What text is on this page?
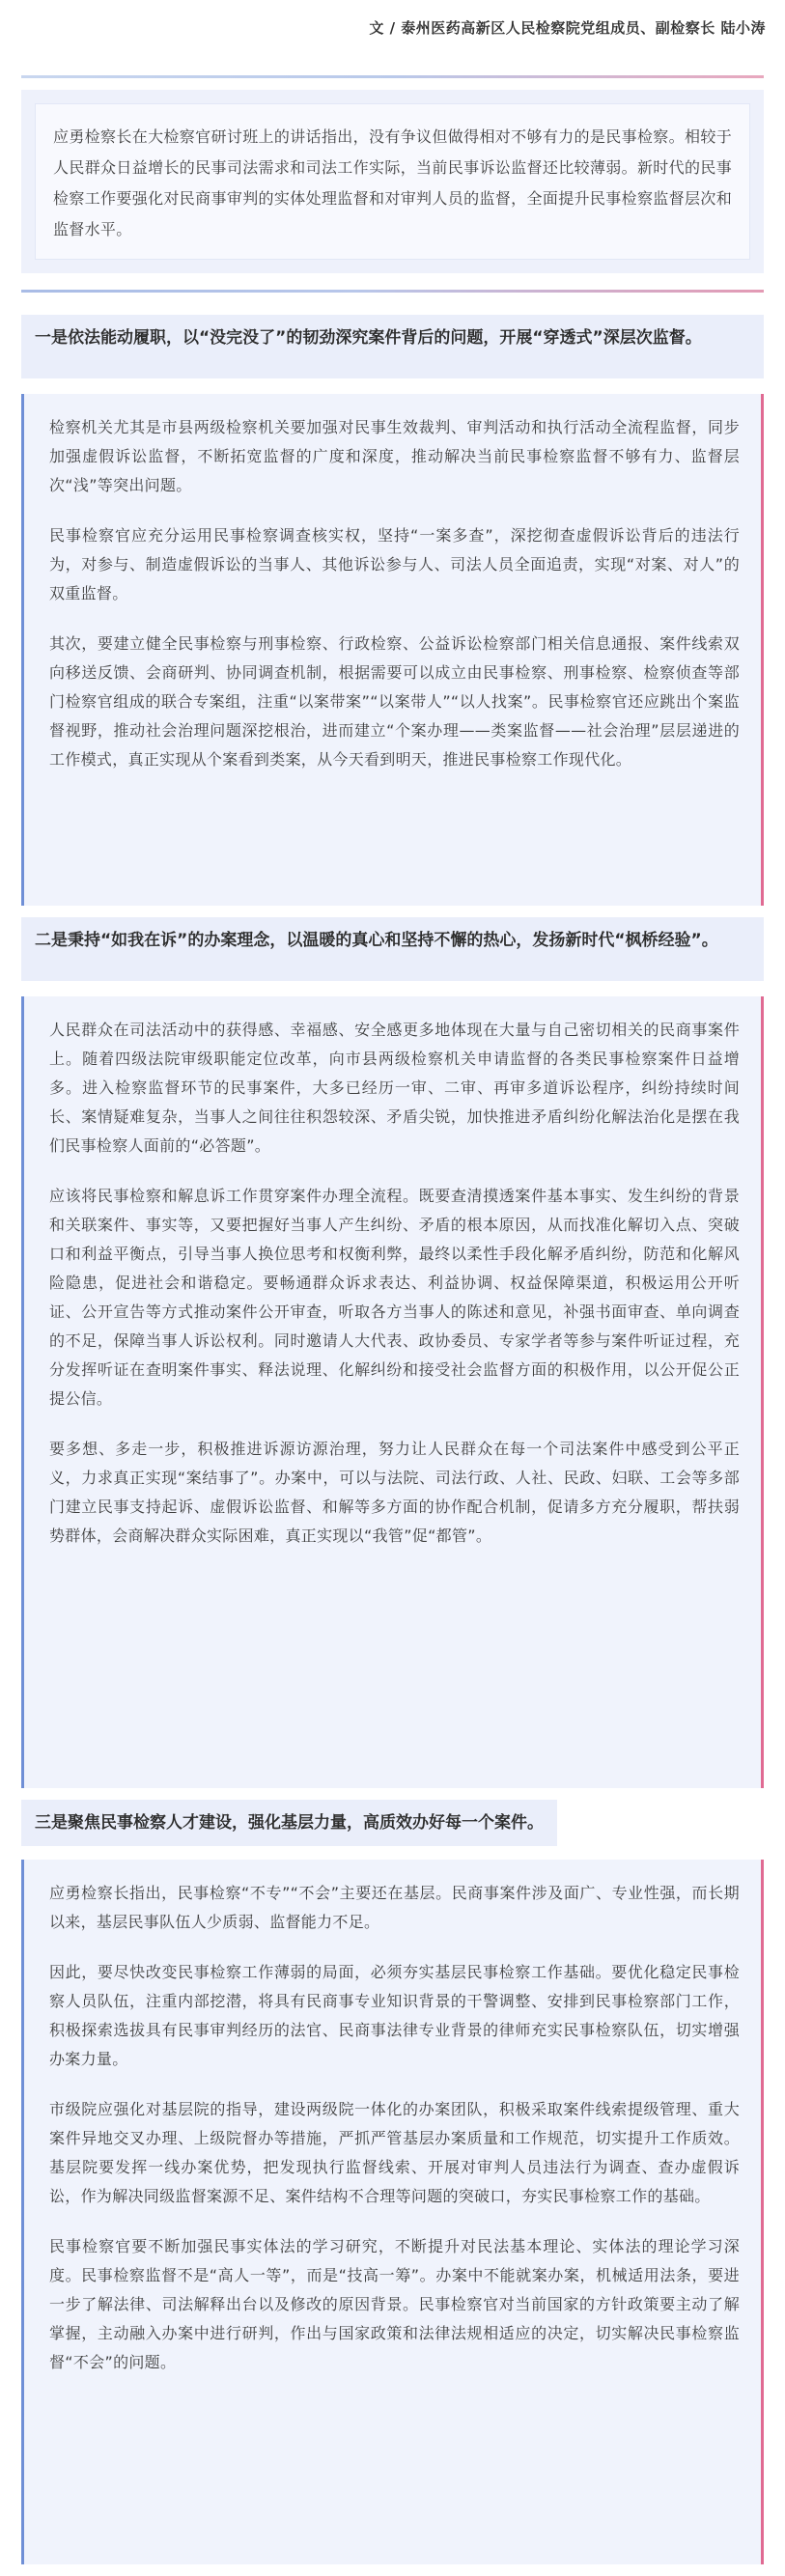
文 / 泰州医药高新区人民检察院党组成员、副检察长 陆小涛

应勇检察长在大检察官研讨班上的讲话指出，没有争议但做得相对不够有力的是民事检察。相较于人民群众日益增长的民事司法需求和司法工作实际，当前民事诉讼监督还比较薄弱。新时代的民事检察工作要强化对民商事审判的实体处理监督和对审判人员的监督，全面提升民事检察监督层次和监督水平。

一是依法能动履职，以“没完没了”的韧劲深究案件背后的问题，开展“穿透式”深层次监督。

检察机关尤其是市县两级检察机关要加强对民事生效裁判、审判活动和执行活动全流程监督，同步加强虚假诉讼监督，不断拓宽监督的广度和深度，推动解决当前民事检察监督不够有力、监督层次“浅”等突出问题。

民事检察官应充分运用民事检察调查核实权，坚持“一案多查”，深挖彻查虚假诉讼背后的违法行为，对参与、制造虚假诉讼的当事人、其他诉讼参与人、司法人员全面追责，实现“对案、对人”的双重监督。

其次，要建立健全民事检察与刑事检察、行政检察、公益诉讼检察部门相关信息通报、案件线索双向移送反馈、会商研判、协同调查机制，根据需要可以成立由民事检察、刑事检察、检察侦查等部门检察官组成的联合专案组，注重“以案带案”“以案带人”“以人找案”。民事检察官还应跳出个案监督视野，推动社会治理问题深挖根治，进而建立“个案办理——类案监督——社会治理”层层递进的工作模式，真正实现从个案看到类案，从今天看到明天，推进民事检察工作现代化。

二是秉持“如我在诉”的办案理念，以温暖的真心和坚持不懈的热心，发扬新时代“枫桥经验”。

人民群众在司法活动中的获得感、幸福感、安全感更多地体现在大量与自己密切相关的民商事案件上。随着四级法院审级职能定位改革，向市县两级检察机关申请监督的各类民事检察案件日益增多。进入检察监督环节的民事案件，大多已经历一审、二审、再审多道诉讼程序，纠纷持续时间长、案情疑难复杂，当事人之间往往积怨较深、矛盾尖锐，加快推进矛盾纠纷化解法治化是摆在我们民事检察人面前的“必答题”。

应该将民事检察和解息诉工作贯穿案件办理全流程。既要查清摸透案件基本事实、发生纠纷的背景和关联案件、事实等，又要把握好当事人产生纠纷、矛盾的根本原因，从而找准化解切入点、突破口和利益平衡点，引导当事人换位思考和权衡利弊，最终以柔性手段化解矛盾纠纷，防范和化解风险隐患，促进社会和谐稳定。要畅通群众诉求表达、利益协调、权益保障渠道，积极运用公开听证、公开宣告等方式推动案件公开审查，听取各方当事人的陈述和意见，补强书面审查、单向调查的不足，保障当事人诉讼权利。同时邀请人大代表、政协委员、专家学者等参与案件听证过程，充分发挥听证在查明案件事实、释法说理、化解纠纷和接受社会监督方面的积极作用，以公开促公正提公信。

要多想、多走一步，积极推进诉源访源治理，努力让人民群众在每一个司法案件中感受到公平正义，力求真正实现“案结事了”。办案中，可以与法院、司法行政、人社、民政、妇联、工会等多部门建立民事支持起诉、虚假诉讼监督、和解等多方面的协作配合机制，促请多方充分履职，帮扶弱势群体，会商解决群众实际困难，真正实现以“我管”促“都管”。

三是聚焦民事检察人才建设，强化基层力量，高质效办好每一个案件。

应勇检察长指出，民事检察“不专”“不会”主要还在基层。民商事案件涉及面广、专业性强，而长期以来，基层民事队伍人少质弱、监督能力不足。

因此，要尽快改变民事检察工作薄弱的局面，必须夯实基层民事检察工作基础。要优化稳定民事检察人员队伍，注重内部挖潜，将具有民商事专业知识背景的干警调整、安排到民事检察部门工作，积极探索选拔具有民事审判经历的法官、民商事法律专业背景的律师充实民事检察队伍，切实增强办案力量。

市级院应强化对基层院的指导，建设两级院一体化的办案团队，积极采取案件线索提级管理、重大案件异地交叉办理、上级院督办等措施，严抓严管基层办案质量和工作规范，切实提升工作质效。基层院要发挥一线办案优势，把发现执行监督线索、开展对审判人员违法行为调查、查办虚假诉讼，作为解决同级监督案源不足、案件结构不合理等问题的突破口，夯实民事检察工作的基础。

民事检察官要不断加强民事实体法的学习研究，不断提升对民法基本理论、实体法的理论学习深度。民事检察监督不是“高人一等”，而是“技高一筹”。办案中不能就案办案，机械适用法条，要进一步了解法律、司法解释出台以及修改的原因背景。民事检察官对当前国家的方针政策要主动了解掌握，主动融入办案中进行研判，作出与国家政策和法律法规相适应的决定，切实解决民事检察监督“不会”的问题。
